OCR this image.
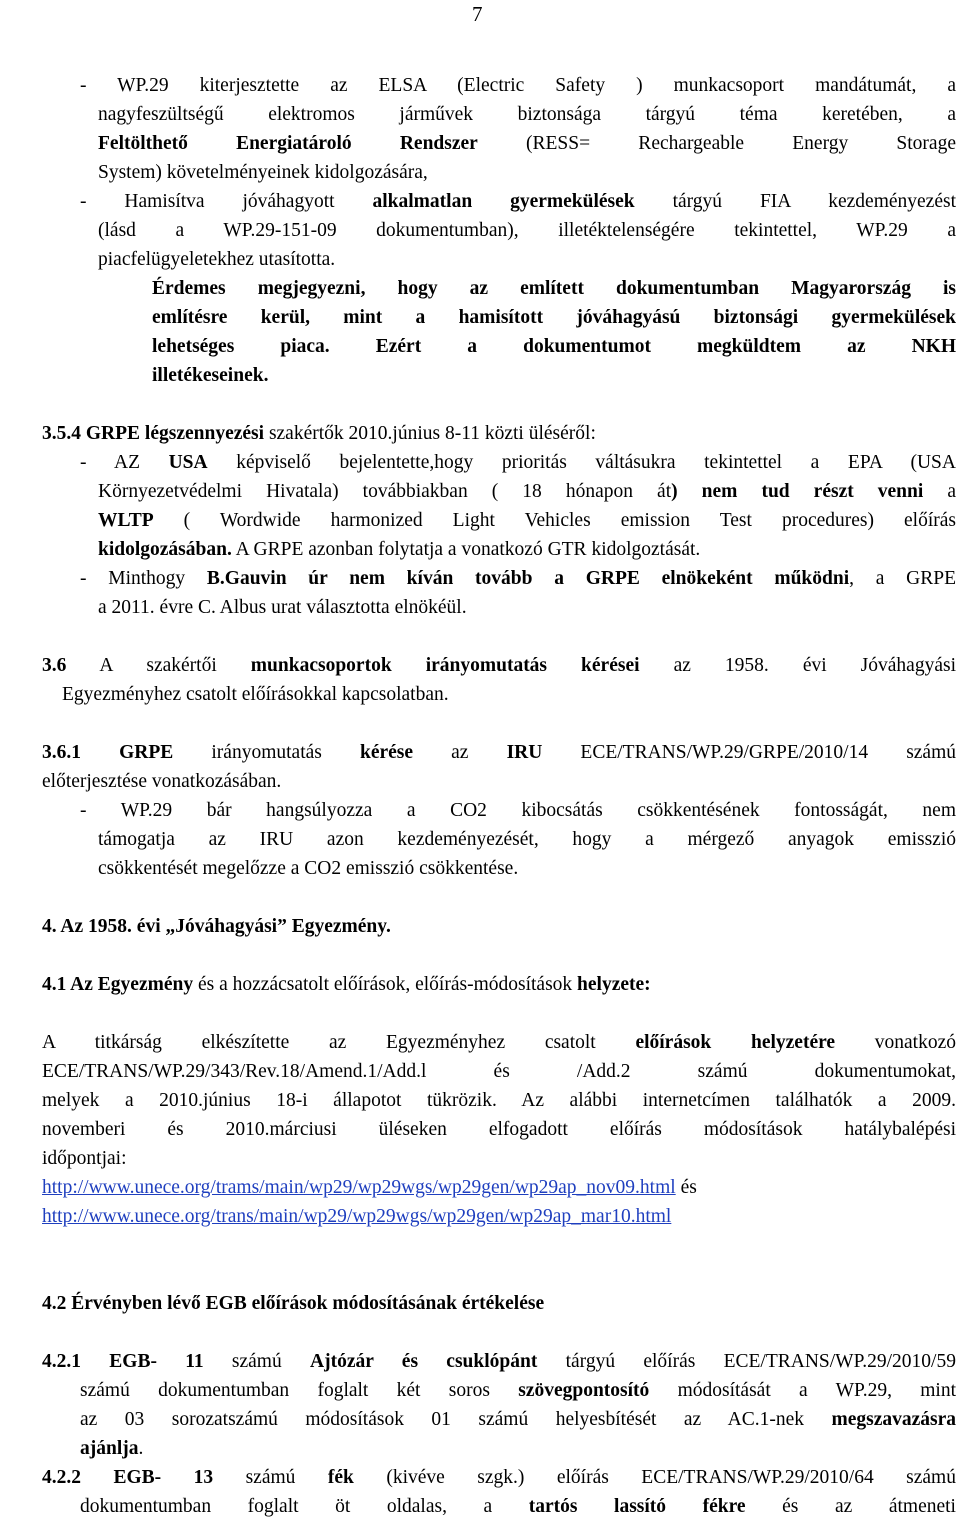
7
- WP.29 kiterjesztette az ELSA (Electric Safety ) munkacsoport mandátumát, a
nagyfeszültségű elektromos járművek biztonsága tárgyú téma keretében, a
Feltölthető Energiatároló Rendszer (RESS= Rechargeable Energy Storage
System) követelményeinek kidolgozására,
- Hamisítva jóváhagyott alkalmatlan gyermekülések tárgyú FIA kezdeményezést
(lásd a WP.29-151-09 dokumentumban), illetéktelenségére tekintettel, WP.29 a
piacfelügyeletekhez utasította.
Érdemes megjegyezni, hogy az említett dokumentumban Magyarország is
említésre kerül, mint a hamisított jóváhagyású biztonsági gyermekülések
lehetséges piaca. Ezért a dokumentumot megküldtem az NKH
illetékeseinek.
3.5.4 GRPE légszennyezési szakértők 2010.június 8-11 közti üléséről:
- AZ USA képviselő bejelentette,hogy prioritás váltásukra tekintettel a EPA (USA
Környezetvédelmi Hivatala) továbbiakban ( 18 hónapon át) nem tud részt venni a
WLTP ( Wordwide harmonized Light Vehicles emission Test procedures) előírás
kidolgozásában. A GRPE azonban folytatja a vonatkozó GTR kidolgoztását.
- Minthogy B.Gauvin úr nem kíván tovább a GRPE elnökeként működni, a GRPE
a 2011. évre C. Albus urat választotta elnökéül.
3.6 A szakértői munkacsoportok irányomutatás kérései az 1958. évi Jóváhagyási
Egyezményhez csatolt előírásokkal kapcsolatban.
3.6.1 GRPE irányomutatás kérése az IRU ECE/TRANS/WP.29/GRPE/2010/14 számú
előterjesztése vonatkozásában.
- WP.29 bár hangsúlyozza a CO2 kibocsátás csökkentésének fontosságát, nem
támogatja az IRU azon kezdeményezését, hogy a mérgező anyagok emisszió
csökkentését megelőzze a CO2 emisszió csökkentése.
4. Az 1958. évi „Jóváhagyási” Egyezmény.
4.1 Az Egyezmény és a hozzácsatolt előírások, előírás-módosítások helyzete:
A titkárság elkészítette az Egyezményhez csatolt előírások helyzetére vonatkozó
ECE/TRANS/WP.29/343/Rev.18/Amend.1/Add.l és /Add.2 számú dokumentumokat,
melyek a 2010.június 18-i állapotot tükrözik. Az alábbi internetcímen találhatók a 2009.
novemberi és 2010.márciusi üléseken elfogadott előírás módosítások hatálybalépési
időpontjai:
http://www.unece.org/trams/main/wp29/wp29wgs/wp29gen/wp29ap_nov09.html és
http://www.unece.org/trans/main/wp29/wp29wgs/wp29gen/wp29ap_mar10.html
4.2 Érvényben lévő EGB előírások módosításának értékelése
4.2.1 EGB- 11 számú Ajtózár és csuklópánt tárgyú előírás ECE/TRANS/WP.29/2010/59
számú dokumentumban foglalt két soros szövegpontosító módosítását a WP.29, mint
az 03 sorozatszámú módosítások 01 számú helyesbítését az AC.1-nek megszavazásra
ajánlja.
4.2.2 EGB- 13 számú fék (kivéve szgk.) előírás ECE/TRANS/WP.29/2010/64 számú
dokumentumban foglalt öt oldalas, a tartós lassító fékre és az átmeneti
